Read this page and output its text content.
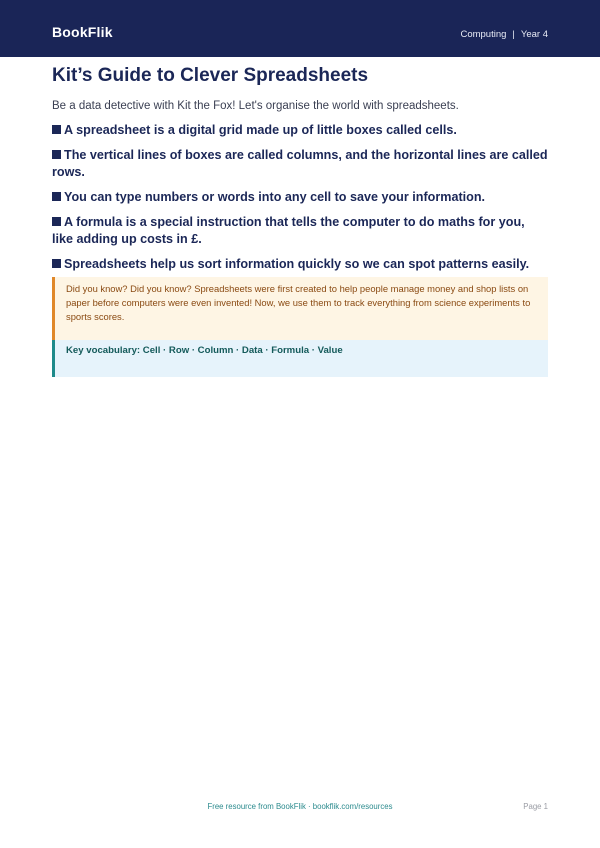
BookFlik	Computing | Year 4
Kit’s Guide to Clever Spreadsheets
Be a data detective with Kit the Fox! Let's organise the world with spreadsheets.
A spreadsheet is a digital grid made up of little boxes called cells.
The vertical lines of boxes are called columns, and the horizontal lines are called rows.
You can type numbers or words into any cell to save your information.
A formula is a special instruction that tells the computer to do maths for you, like adding up costs in £.
Spreadsheets help us sort information quickly so we can spot patterns easily.
Did you know? Did you know? Spreadsheets were first created to help people manage money and shop lists on paper before computers were even invented! Now, we use them to track everything from science experiments to sports scores.
Key vocabulary: Cell · Row · Column · Data · Formula · Value
Free resource from BookFlik · bookflik.com/resources	Page 1
